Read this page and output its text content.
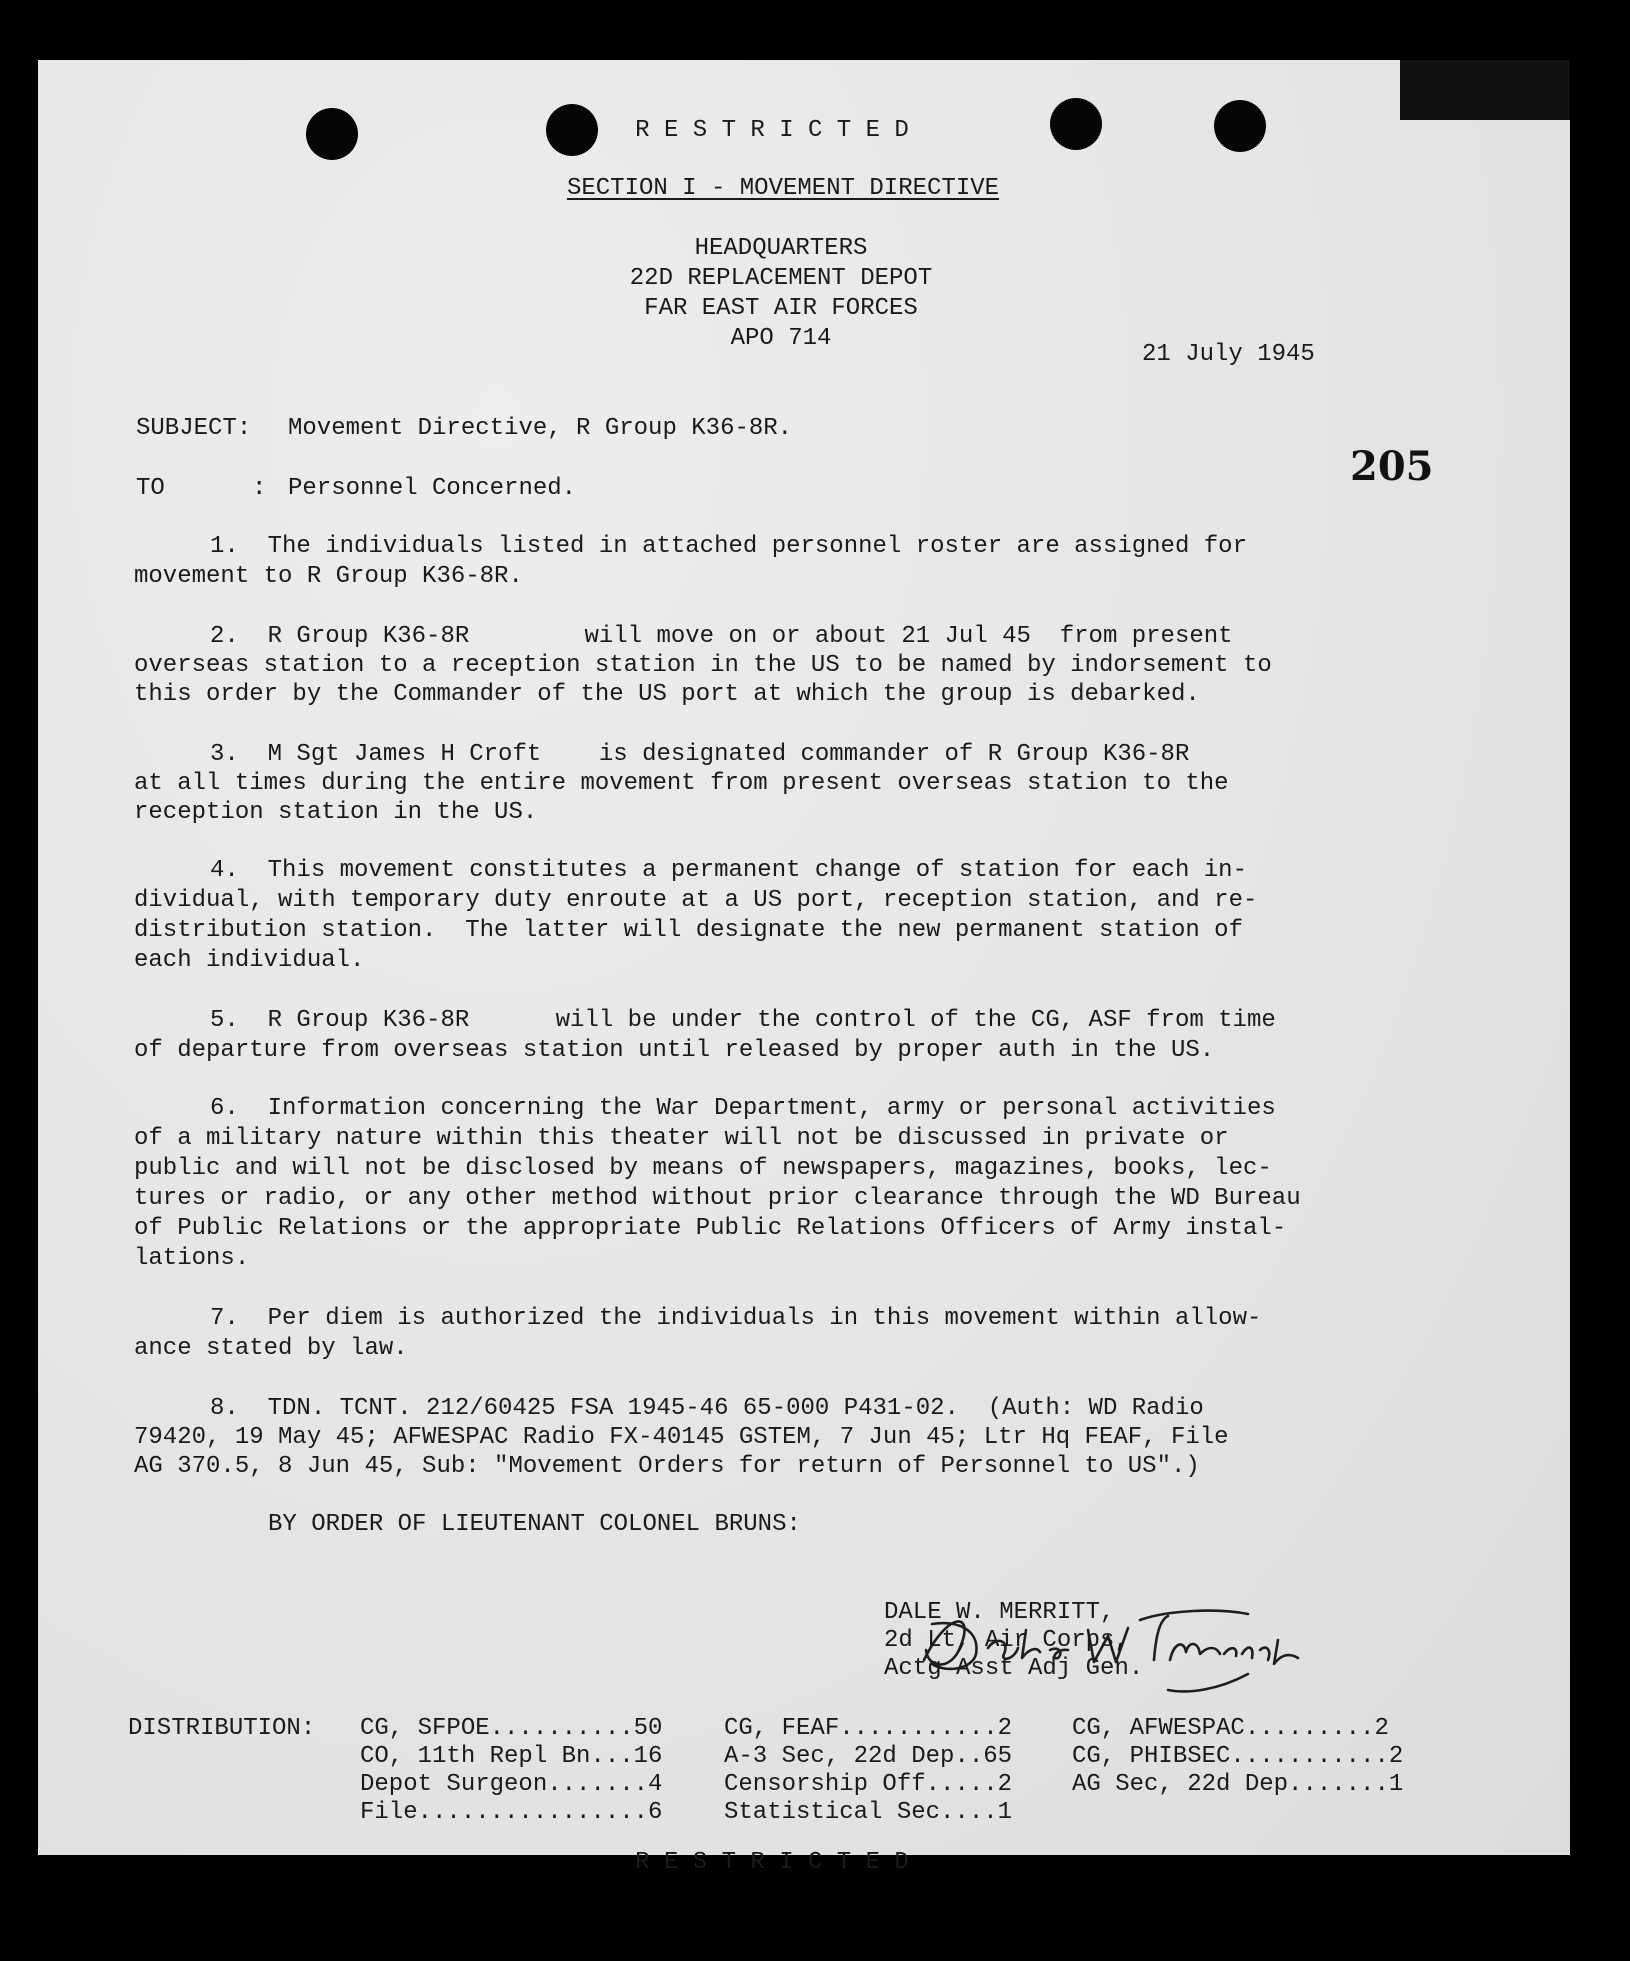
R E S T R I C T E D
SECTION I - MOVEMENT DIRECTIVE
HEADQUARTERS
22D REPLACEMENT DEPOT
FAR EAST AIR FORCES
APO 714
21 July 1945
205
SUBJECT: Movement Directive, R Group K36-8R.
TO	: Personnel Concerned.
1.  The individuals listed in attached personnel roster are assigned for
movement to R Group K36-8R.
2.  R Group K36-8R        will move on or about 21 Jul 45  from present
overseas station to a reception station in the US to be named by indorsement to
this order by the Commander of the US port at which the group is debarked.
3.  M Sgt James H Croft    is designated commander of R Group K36-8R
at all times during the entire movement from present overseas station to the
reception station in the US.
4.  This movement constitutes a permanent change of station for each in-
dividual, with temporary duty enroute at a US port, reception station, and re-
distribution station.  The latter will designate the new permanent station of
each individual.
5.  R Group K36-8R      will be under the control of the CG, ASF from time
of departure from overseas station until released by proper auth in the US.
6.  Information concerning the War Department, army or personal activities
of a military nature within this theater will not be discussed in private or
public and will not be disclosed by means of newspapers, magazines, books, lec-
tures or radio, or any other method without prior clearance through the WD Bureau
of Public Relations or the appropriate Public Relations Officers of Army instal-
lations.
7.  Per diem is authorized the individuals in this movement within allow-
ance stated by law.
8.  TDN. TCNT. 212/60425 FSA 1945-46 65-000 P431-02.  (Auth: WD Radio
79420, 19 May 45; AFWESPAC Radio FX-40145 GSTEM, 7 Jun 45; Ltr Hq FEAF, File
AG 370.5, 8 Jun 45, Sub: "Movement Orders for return of Personnel to US".)
BY ORDER OF LIEUTENANT COLONEL BRUNS:
DALE W. MERRITT,
2d Lt, Air Corps,
Actg Asst Adj Gen.
DISTRIBUTION: CG, SFPOE..........50
CO, 11th Repl Bn...16
Depot Surgeon.......4
File................6
CG, FEAF...........2
A-3 Sec, 22d Dep..65
Censorship Off.....2
Statistical Sec....1
CG, AFWESPAC.........2
CG, PHIBSEC...........2
AG Sec, 22d Dep.......1
R E S T R I C T E D
